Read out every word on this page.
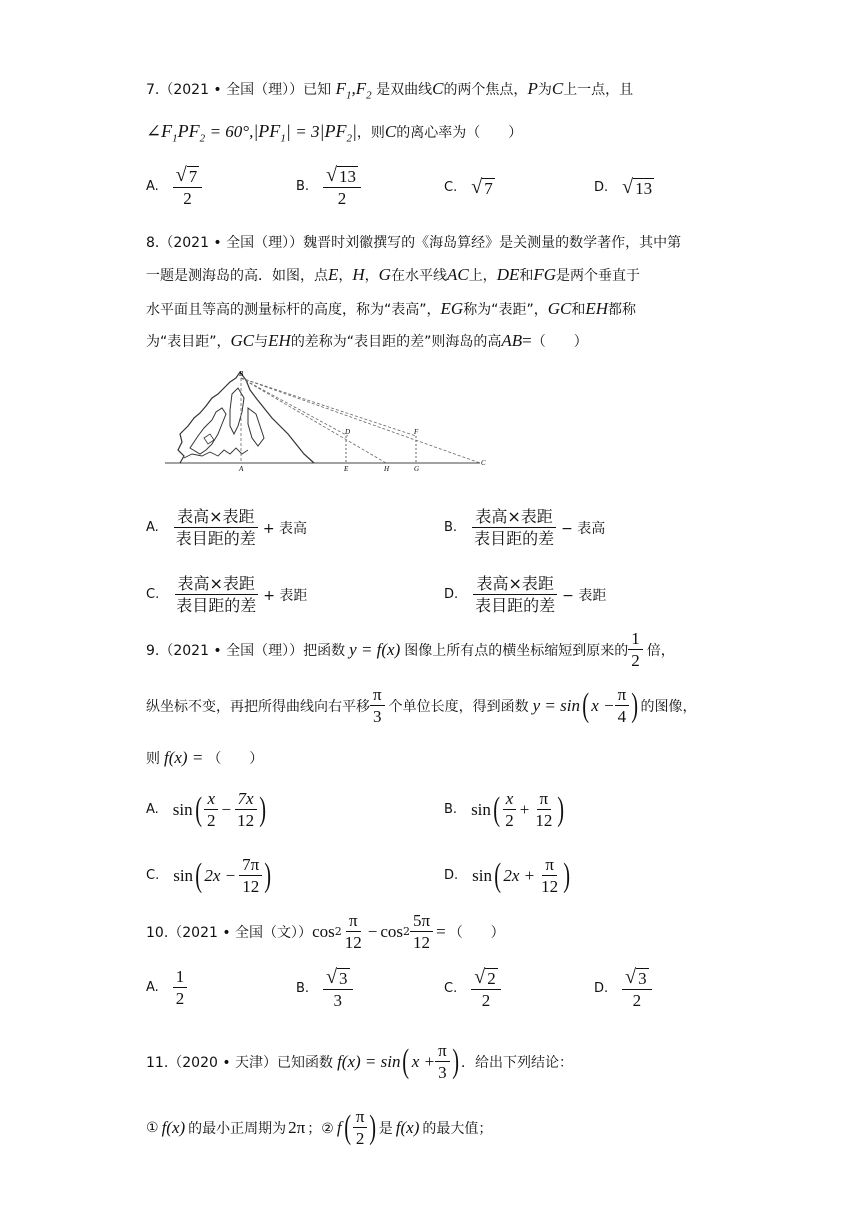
7.（2021 • 全国（理））已知 $F_1,F_2$ 是双曲线C的两个焦点，P为C上一点，且
$\angle F_1PF_2 = 60^\circ,|PF_1| = 3|PF_2|$，则C的离心率为（　　）
A. $\frac{√ 7}{2}$	B. $\frac{√ 13}{2}$	C. √ 7	D. √ 13
8.（2021 • 全国（理））魏晋时刘徽撰写的《海岛算经》是关测量的数学著作，其中第
一题是测海岛的高．如图，点E，H，G在水平线AC上，DE和FG是两个垂直于
水平面且等高的测量标杆的高度，称为“表高”，EG称为“表距”，GC和EH都称
为“表目距”，GC与EH的差称为“表目距的差”则海岛的高AB=（　　）
B
D	F
A	E	H	G
C
A. $\frac{\text{表高×表距}}{\text{表目距的差}}$ + 表高	B. $\frac{\text{表高×表距}}{\text{表目距的差}}$ − 表高
C. $\frac{\text{表高×表距}}{\text{表目距的差}}$ + 表距	D. $\frac{\text{表高×表距}}{\text{表目距的差}}$ − 表距
9.（2021 • 全国（理））把函数 y = f(x) 图像上所有点的横坐标缩短到原来的 $\frac{1}{2}$ 倍，
纵坐标不变，再把所得曲线向右平移 $\frac{\pi}{3}$ 个单位长度，得到函数 y = sin ( $x - \frac{\pi}{4}$ ) 的图像，
则 f(x) = （　　）
A. sin ( $\frac{x}{2} - \frac{7x}{12}$ )	B. sin ( $\frac{x}{2} + \frac{\pi}{12}$ )
C. sin ( $2x - \frac{7\pi}{12}$ )	D. sin ( $2x + \frac{\pi}{12}$ )
10.（2021 • 全国（文）） $\cos 2 \frac{\pi}{12} - \cos 2 \frac{5\pi}{12}$ = （　　）
A. $\frac{1}{2}$	B. $\frac{√ 3}{3}$	C. $\frac{√ 2}{2}$	D. $\frac{√ 3}{2}$
11.（2020 • 天津）已知函数 f(x) = sin ( $x + \frac{\pi}{3}$ ) ．给出下列结论：
① f(x) 的最小正周期为 2π ；② f ( $\frac{\pi}{2}$ ) 是 f(x) 的最大值；
